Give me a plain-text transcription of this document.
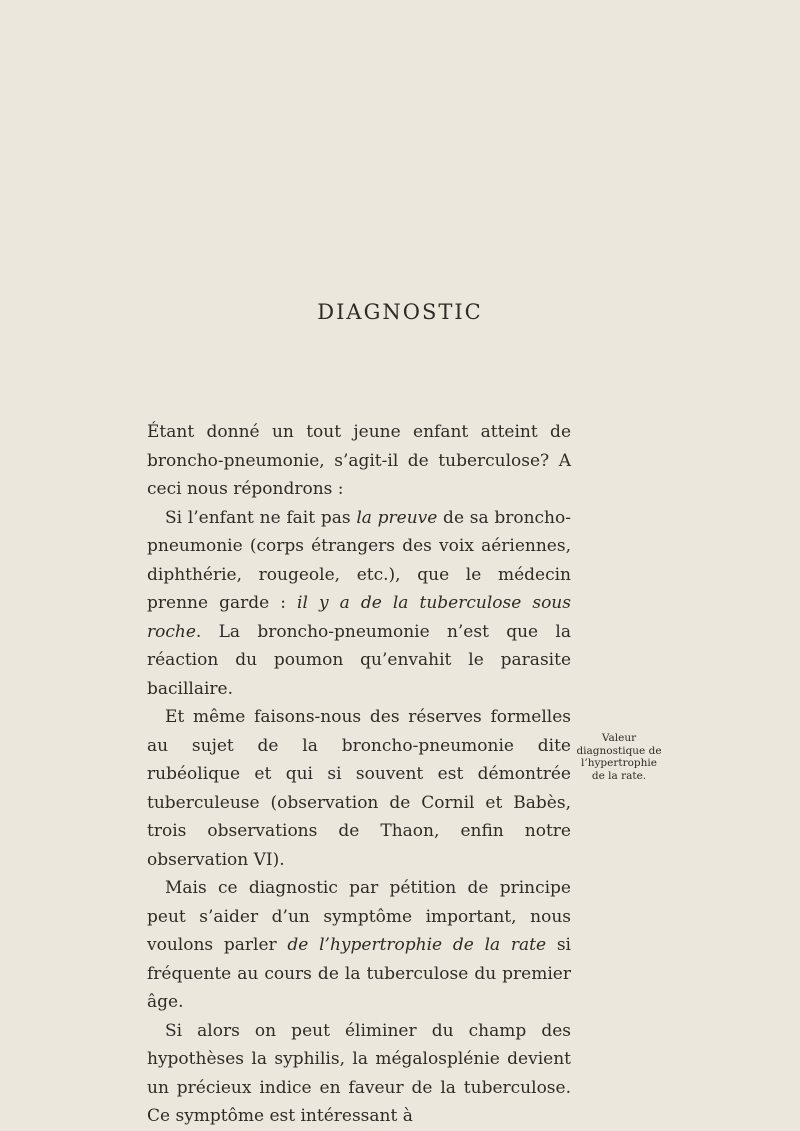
DIAGNOSTIC

Étant donné un tout jeune enfant atteint de broncho-pneumonie, s’agit-il de tuberculose? A ceci nous répondrons :

Si l’enfant ne fait pas la preuve de sa broncho-pneumonie (corps étrangers des voix aériennes, diphthérie, rougeole, etc.), que le médecin prenne garde : il y a de la tuberculose sous roche. La broncho-pneumonie n’est que la réaction du poumon qu’envahit le parasite bacillaire.

Et même faisons-nous des réserves formelles au sujet de la broncho-pneumonie dite rubéolique et qui si souvent est démontrée tuberculeuse (observation de Cornil et Babès, trois observations de Thaon, enfin notre observation VI).

Mais ce diagnostic par pétition de principe peut s’aider d’un symptôme important, nous voulons parler de l’hypertrophie de la rate si fréquente au cours de la tuberculose du premier âge.

Si alors on peut éliminer du champ des hypothèses la syphilis, la mégalosplénie devient un précieux indice en faveur de la tuberculose. Ce symptôme est intéressant à

Valeur
diagnostique de
l’hypertrophie
de la rate.
